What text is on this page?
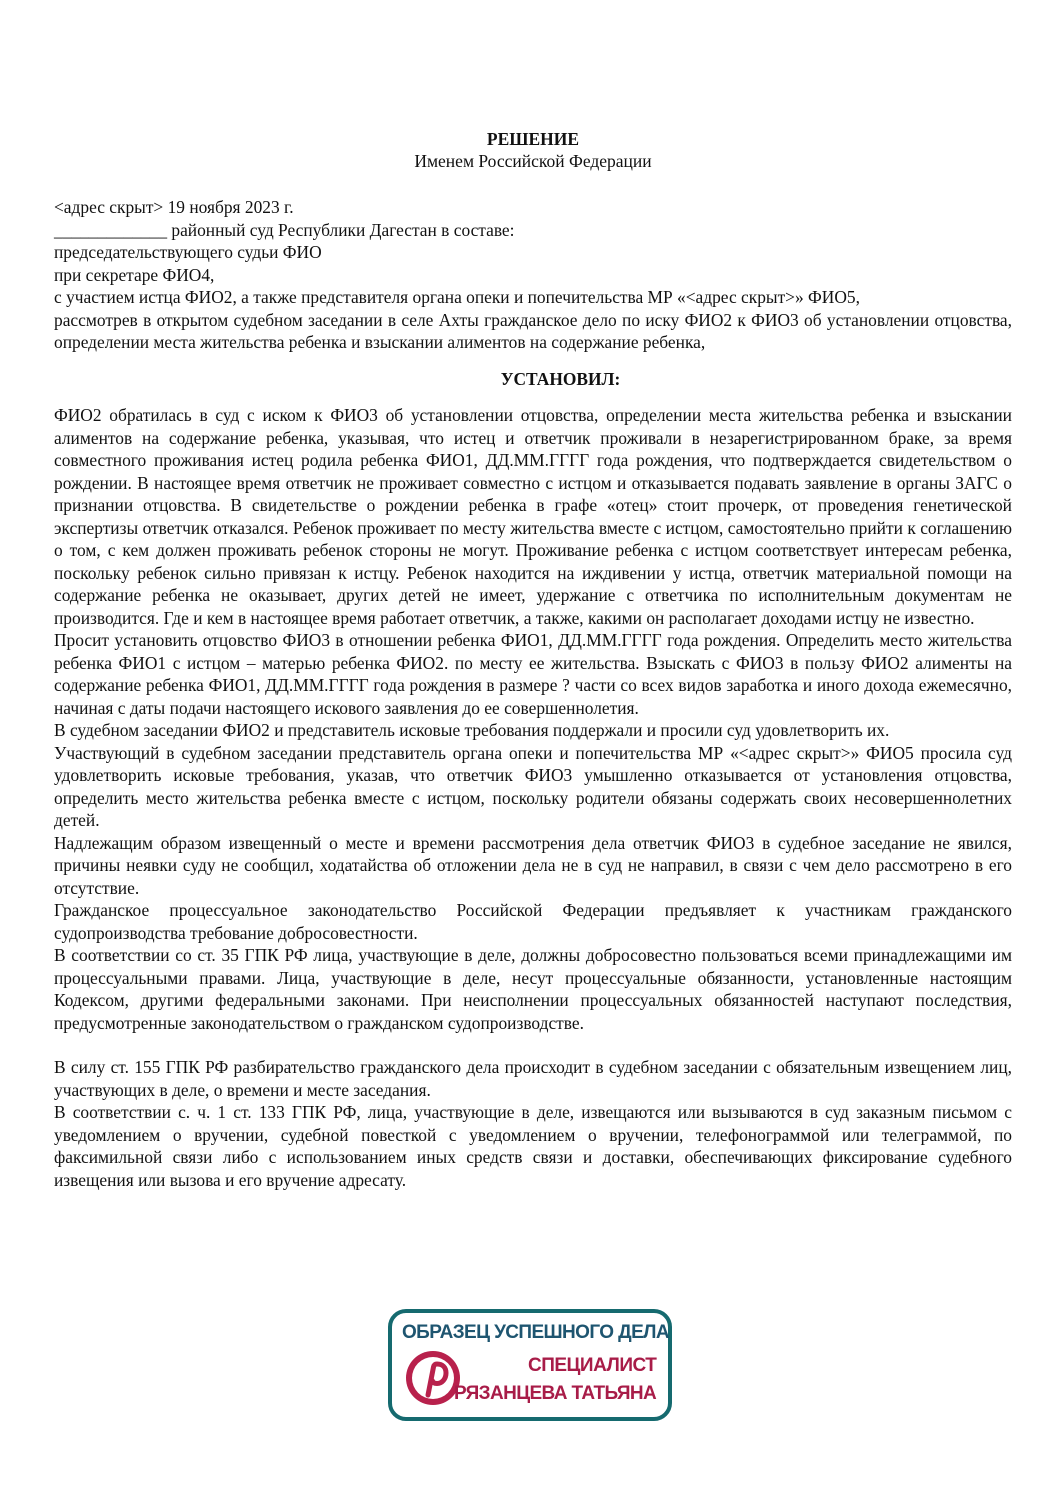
РЕШЕНИЕ
Именем Российской Федерации
<адрес скрыт> 19 ноября 2023 г.
_____________ районный суд Республики Дагестан в составе:
председательствующего судьи ФИО
при секретаре ФИО4,
с участием истца ФИО2, а также представителя органа опеки и попечительства МР «<адрес скрыт>» ФИО5,

рассмотрев в открытом судебном заседании в селе Ахты гражданское дело по иску ФИО2 к ФИО3 об установлении отцовства, определении места жительства ребенка и взыскании алиментов на содержание ребенка,

УСТАНОВИЛ:

ФИО2 обратилась в суд с иском к ФИО3 об установлении отцовства, определении места жительства ребенка и взыскании алиментов на содержание ребенка, указывая, что истец и ответчик проживали в незарегистрированном браке, за время совместного проживания истец родила ребенка ФИО1, ДД.ММ.ГГГГ года рождения, что подтверждается свидетельством о рождении. В настоящее время ответчик не проживает совместно с истцом и отказывается подавать заявление в органы ЗАГС о признании отцовства. В свидетельстве о рождении ребенка в графе «отец» стоит прочерк, от проведения генетической экспертизы ответчик отказался. Ребенок проживает по месту жительства вместе с истцом, самостоятельно прийти к соглашению о том, с кем должен проживать ребенок стороны не могут. Проживание ребенка с истцом соответствует интересам ребенка, поскольку ребенок сильно привязан к истцу. Ребенок находится на иждивении у истца, ответчик материальной помощи на содержание ребенка не оказывает, других детей не имеет, удержание с ответчика по исполнительным документам не производится. Где и кем в настоящее время работает ответчик, а также, какими он располагает доходами истцу не известно.

Просит установить отцовство ФИО3 в отношении ребенка ФИО1, ДД.ММ.ГГГГ года рождения. Определить место жительства ребенка ФИО1 с истцом – матерью ребенка ФИО2. по месту ее жительства. Взыскать с ФИО3 в пользу ФИО2 алименты на содержание ребенка ФИО1, ДД.ММ.ГГГГ года рождения в размере ? части со всех видов заработка и иного дохода ежемесячно, начиная с даты подачи настоящего искового заявления до ее совершеннолетия.

В судебном заседании ФИО2 и представитель исковые требования поддержали и просили суд удовлетворить их.

Участвующий в судебном заседании представитель органа опеки и попечительства МР «<адрес скрыт>» ФИО5 просила суд удовлетворить исковые требования, указав, что ответчик ФИО3 умышленно отказывается от установления отцовства, определить место жительства ребенка вместе с истцом, поскольку родители обязаны содержать своих несовершеннолетних детей.

Надлежащим образом извещенный о месте и времени рассмотрения дела ответчик ФИО3 в судебное заседание не явился, причины неявки суду не сообщил, ходатайства об отложении дела не в суд не направил, в связи с чем дело рассмотрено в его отсутствие.

Гражданское процессуальное законодательство Российской Федерации предъявляет к участникам гражданского судопроизводства требование добросовестности.

В соответствии со ст. 35 ГПК РФ лица, участвующие в деле, должны добросовестно пользоваться всеми принадлежащими им процессуальными правами. Лица, участвующие в деле, несут процессуальные обязанности, установленные настоящим Кодексом, другими федеральными законами. При неисполнении процессуальных обязанностей наступают последствия, предусмотренные законодательством о гражданском судопроизводстве.

В силу ст. 155 ГПК РФ разбирательство гражданского дела происходит в судебном заседании с обязательным извещением лиц, участвующих в деле, о времени и месте заседания.

В соответствии с. ч. 1 ст. 133 ГПК РФ, лица, участвующие в деле, извещаются или вызываются в суд заказным письмом с уведомлением о вручении, судебной повесткой с уведомлением о вручении, телефонограммой или телеграммой, по факсимильной связи либо с использованием иных средств связи и доставки, обеспечивающих фиксирование судебного извещения или вызова и его вручение адресату.

ОБРАЗЕЦ УСПЕШНОГО ДЕЛА
СПЕЦИАЛИСТ
РЯЗАНЦЕВА ТАТЬЯНА
